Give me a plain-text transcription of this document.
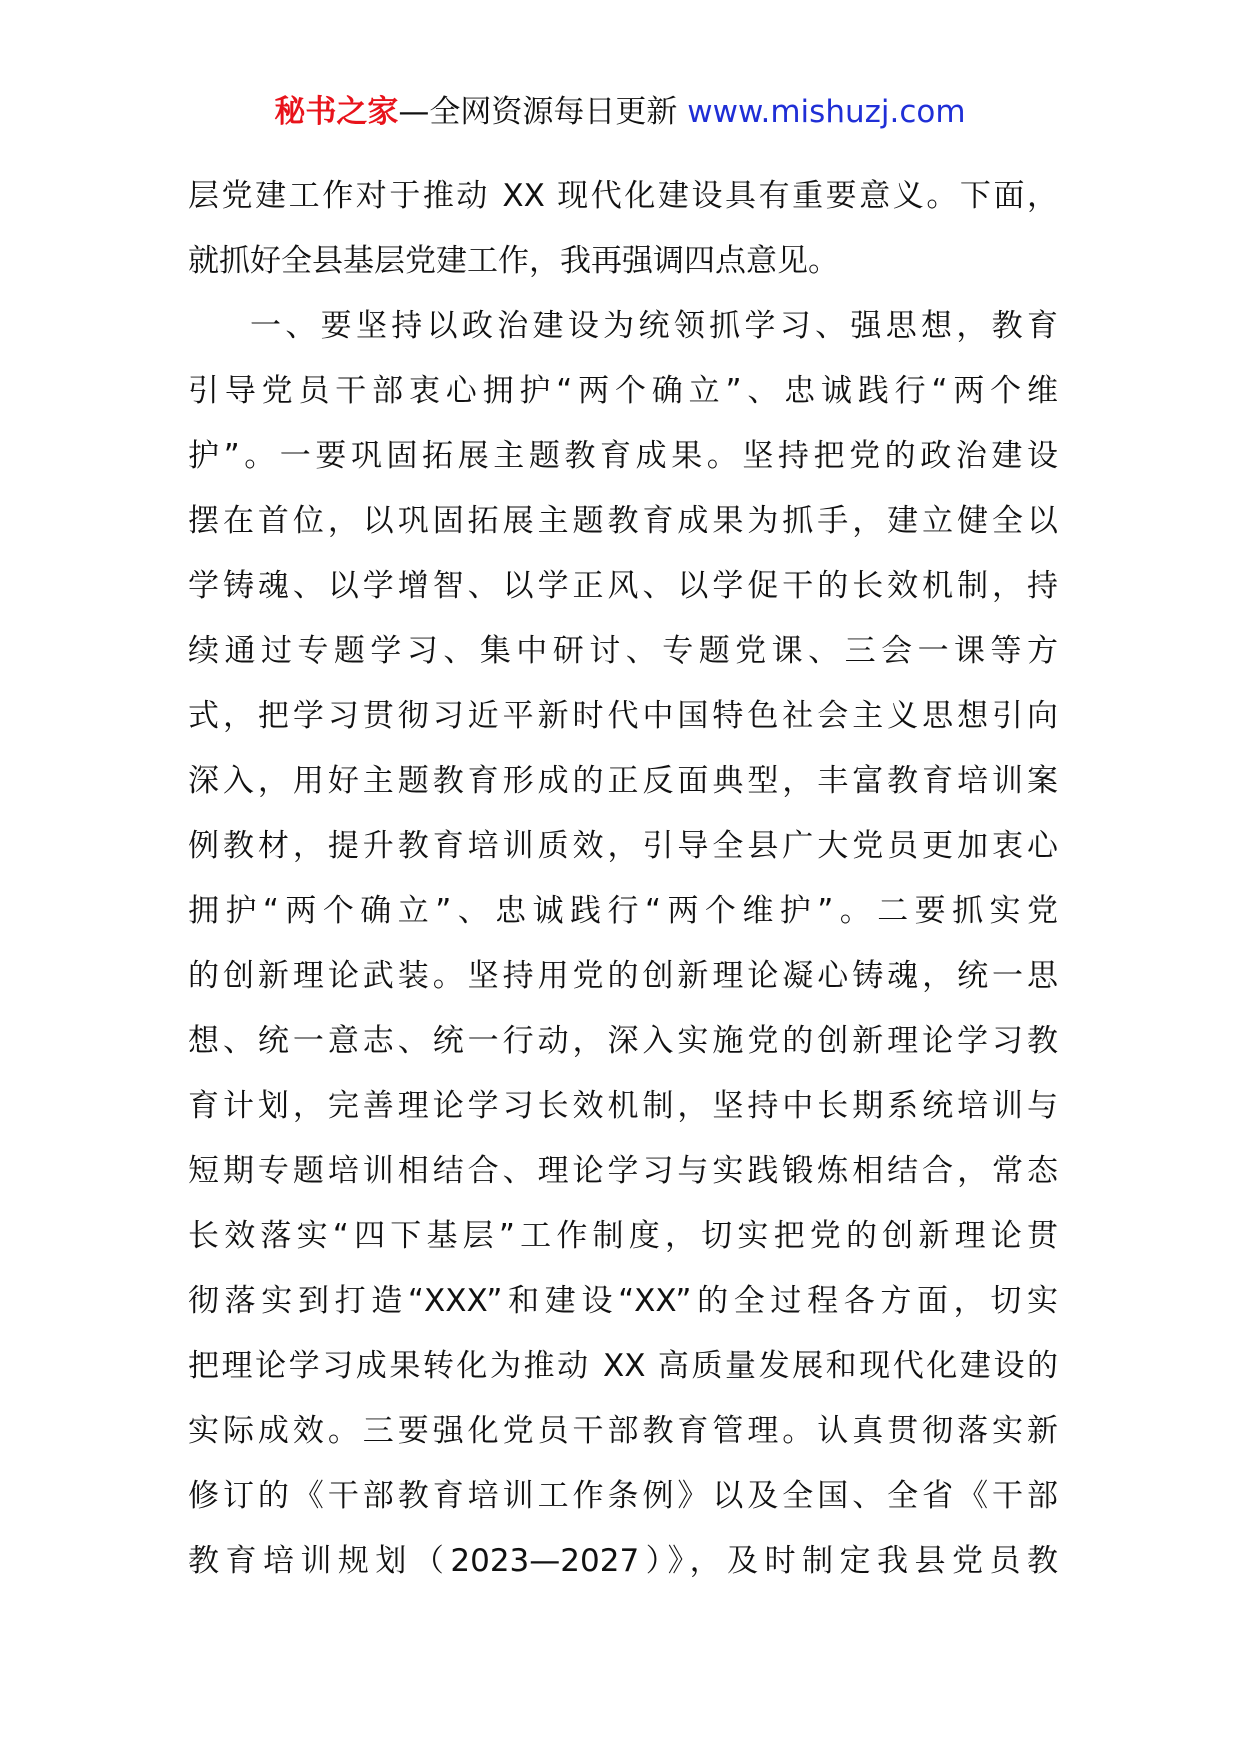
秘书之家—全网资源每日更新 www.mishuzj.com
层党建工作对于推动 XX 现代化建设具有重要意义。下面，
就抓好全县基层党建工作，我再强调四点意见。
一、要坚持以政治建设为统领抓学习、强思想，教育
引导党员干部衷心拥护“两个确立”、忠诚践行“两个维
护”。一要巩固拓展主题教育成果。坚持把党的政治建设
摆在首位，以巩固拓展主题教育成果为抓手，建立健全以
学铸魂、以学增智、以学正风、以学促干的长效机制，持
续通过专题学习、集中研讨、专题党课、三会一课等方
式，把学习贯彻习近平新时代中国特色社会主义思想引向
深入，用好主题教育形成的正反面典型，丰富教育培训案
例教材，提升教育培训质效，引导全县广大党员更加衷心
拥护“两个确立”、忠诚践行“两个维护”。二要抓实党
的创新理论武装。坚持用党的创新理论凝心铸魂，统一思
想、统一意志、统一行动，深入实施党的创新理论学习教
育计划，完善理论学习长效机制，坚持中长期系统培训与
短期专题培训相结合、理论学习与实践锻炼相结合，常态
长效落实“四下基层”工作制度，切实把党的创新理论贯
彻落实到打造“XXX”和建设“XX”的全过程各方面，切实
把理论学习成果转化为推动 XX 高质量发展和现代化建设的
实际成效。三要强化党员干部教育管理。认真贯彻落实新
修订的《干部教育培训工作条例》以及全国、全省《干部
教育培训规划（2023—2027）》，及时制定我县党员教
